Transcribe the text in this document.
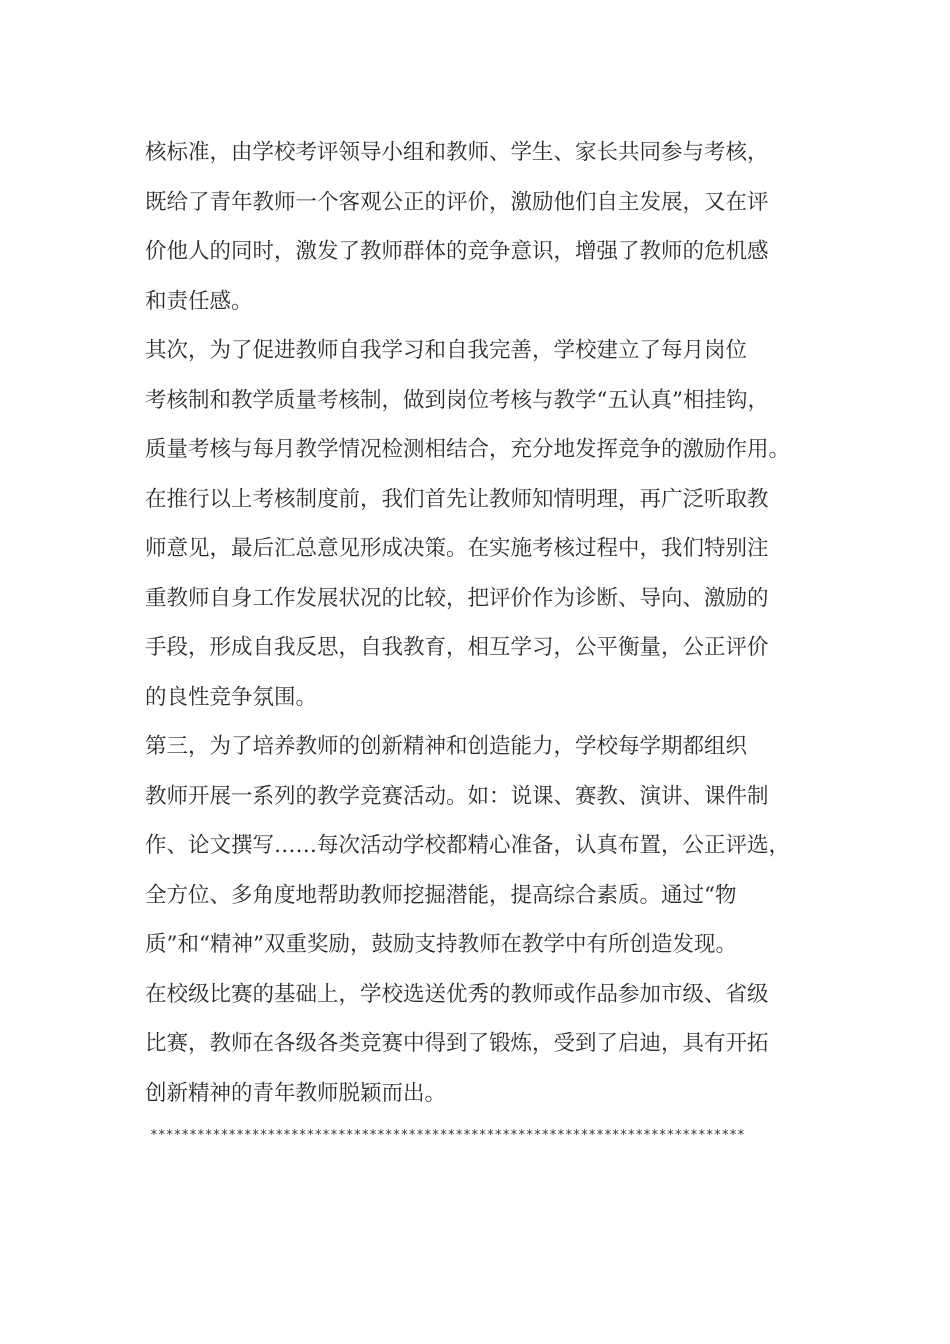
核标准，由学校考评领导小组和教师、学生、家长共同参与考核，
既给了青年教师一个客观公正的评价，激励他们自主发展，又在评
价他人的同时，激发了教师群体的竞争意识，增强了教师的危机感
和责任感。
其次，为了促进教师自我学习和自我完善，学校建立了每月岗位
考核制和教学质量考核制，做到岗位考核与教学“五认真”相挂钩，
质量考核与每月教学情况检测相结合，充分地发挥竞争的激励作用。
在推行以上考核制度前，我们首先让教师知情明理，再广泛听取教
师意见，最后汇总意见形成决策。在实施考核过程中，我们特别注
重教师自身工作发展状况的比较，把评价作为诊断、导向、激励的
手段，形成自我反思，自我教育，相互学习，公平衡量，公正评价
的良性竞争氛围。
第三，为了培养教师的创新精神和创造能力，学校每学期都组织
教师开展一系列的教学竞赛活动。如：说课、赛教、演讲、课件制
作、论文撰写……每次活动学校都精心准备，认真布置，公正评选，
全方位、多角度地帮助教师挖掘潜能，提高综合素质。通过“物
质”和“精神”双重奖励，鼓励支持教师在教学中有所创造发现。
在校级比赛的基础上，学校选送优秀的教师或作品参加市级、省级
比赛，教师在各级各类竞赛中得到了锻炼，受到了启迪，具有开拓
创新精神的青年教师脱颖而出。
****************************************************************************
